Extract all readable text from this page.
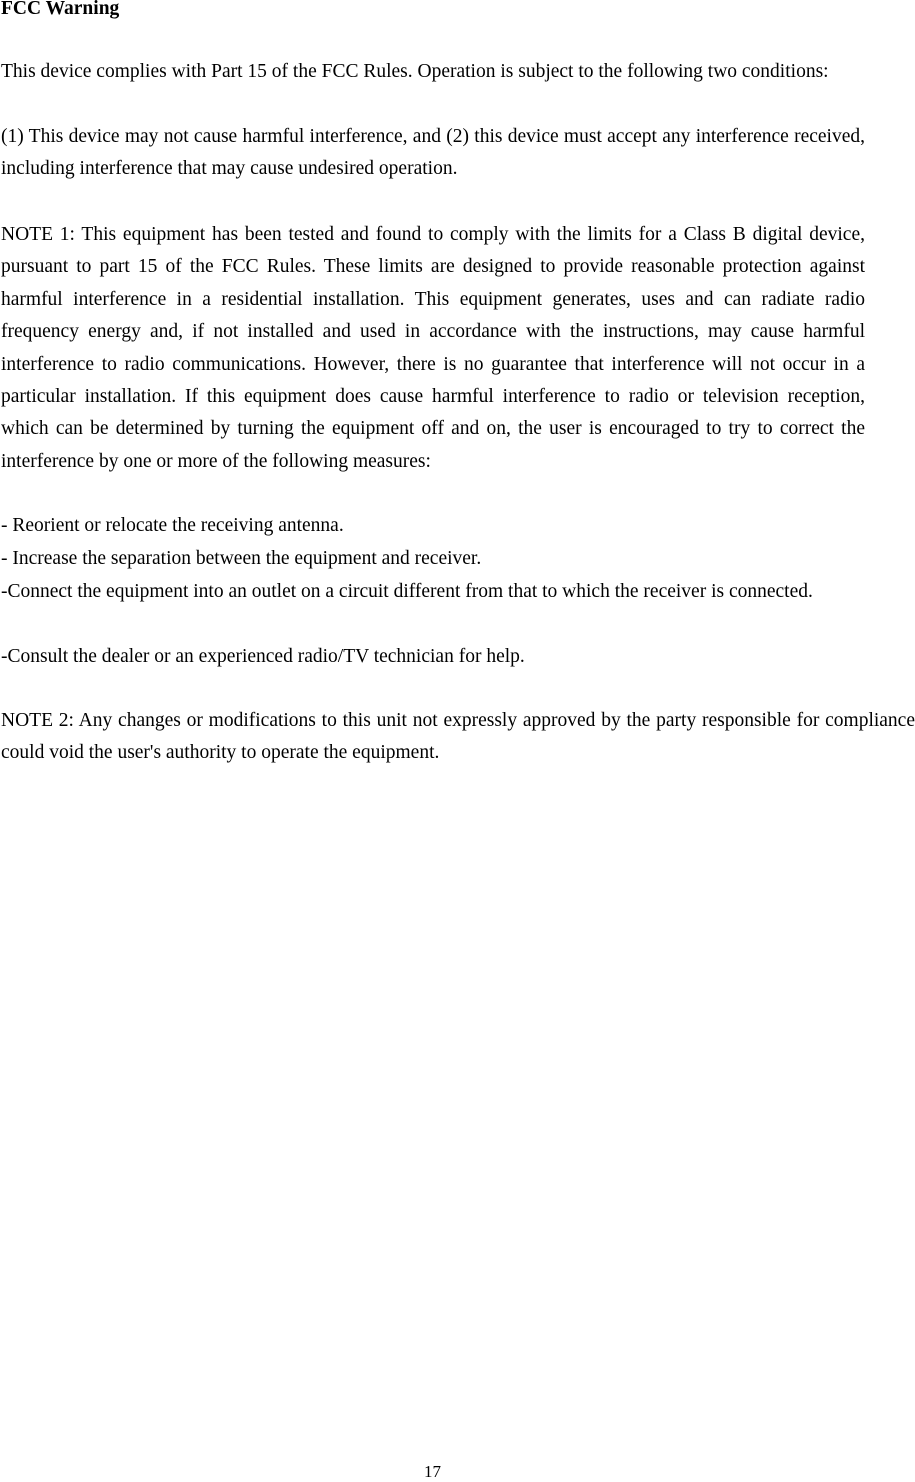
FCC Warning

This device complies with Part 15 of the FCC Rules. Operation is subject to the following two conditions:

(1) This device may not cause harmful interference, and (2) this device must accept any interference received, including interference that may cause undesired operation.

NOTE 1: This equipment has been tested and found to comply with the limits for a Class B digital device, pursuant to part 15 of the FCC Rules. These limits are designed to provide reasonable protection against harmful interference in a residential installation. This equipment generates, uses and can radiate radio frequency energy and, if not installed and used in accordance with the instructions, may cause harmful interference to radio communications. However, there is no guarantee that interference will not occur in a particular installation. If this equipment does cause harmful interference to radio or television reception, which can be determined by turning the equipment off and on, the user is encouraged to try to correct the interference by one or more of the following measures:

- Reorient or relocate the receiving antenna.

- Increase the separation between the equipment and receiver.

-Connect the equipment into an outlet on a circuit different from that to which the receiver is connected.

-Consult the dealer or an experienced radio/TV technician for help.

NOTE 2: Any changes or modifications to this unit not expressly approved by the party responsible for compliance could void the user's authority to operate the equipment.

17
